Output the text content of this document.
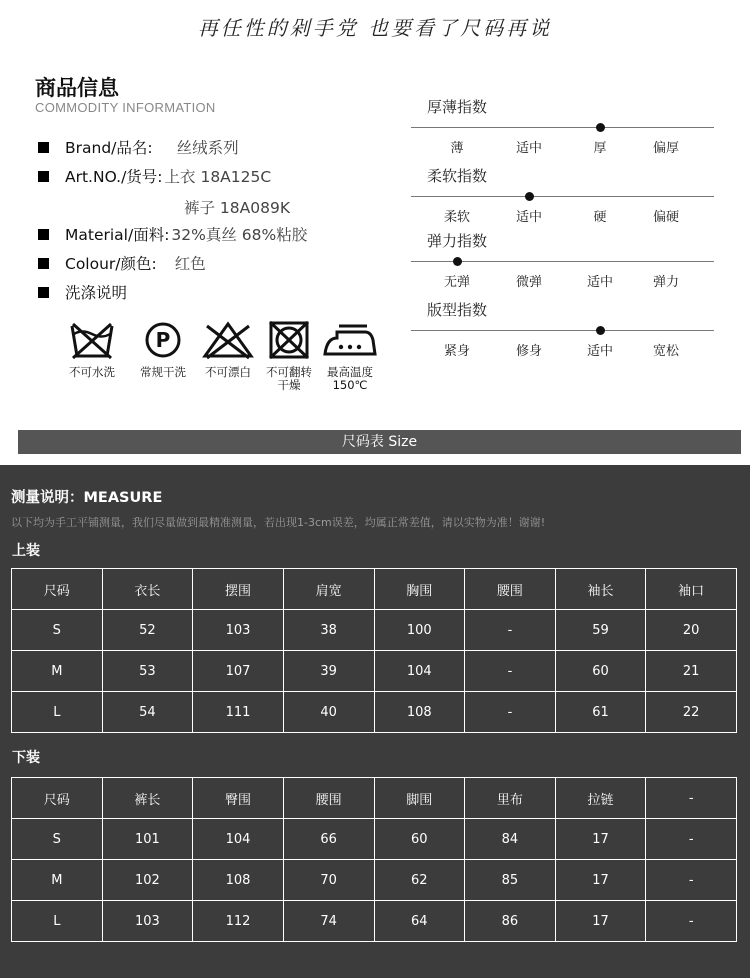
再任性的剁手党 也要看了尺码再说
商品信息
COMMODITY INFORMATION
Brand/品名: 丝绒系列
Art.NO./货号: 上衣 18A125C
裤子 18A089K
Material/面料: 32%真丝 68%粘胶
Colour/颜色: 红色
洗涤说明
不可水洗
P
常规干洗	不可漂白	不可翻转
干燥
最高温度
150℃
厚薄指数
薄	适中	厚	偏厚
柔软指数
柔软	适中	硬	偏硬
弹力指数
无弹	微弹	适中	弹力
版型指数
紧身	修身	适中	宽松
尺码表 Size
测量说明：MEASURE
以下均为手工平铺测量，我们尽量做到最精准测量，若出现1-3cm误差，均属正常差值，请以实物为准！谢谢!
上装
尺码	衣长	摆围	肩宽	胸围	腰围	袖长	袖口
S	52	103	38	100	-	59	20
M	53	107	39	104	-	60	21
L	54	111	40	108	-	61	22
下装
尺码	裤长	臀围	腰围	脚围	里布	拉链	-
S	101	104	66	60	84	17	-
M	102	108	70	62	85	17	-
L	103	112	74	64	86	17	-
